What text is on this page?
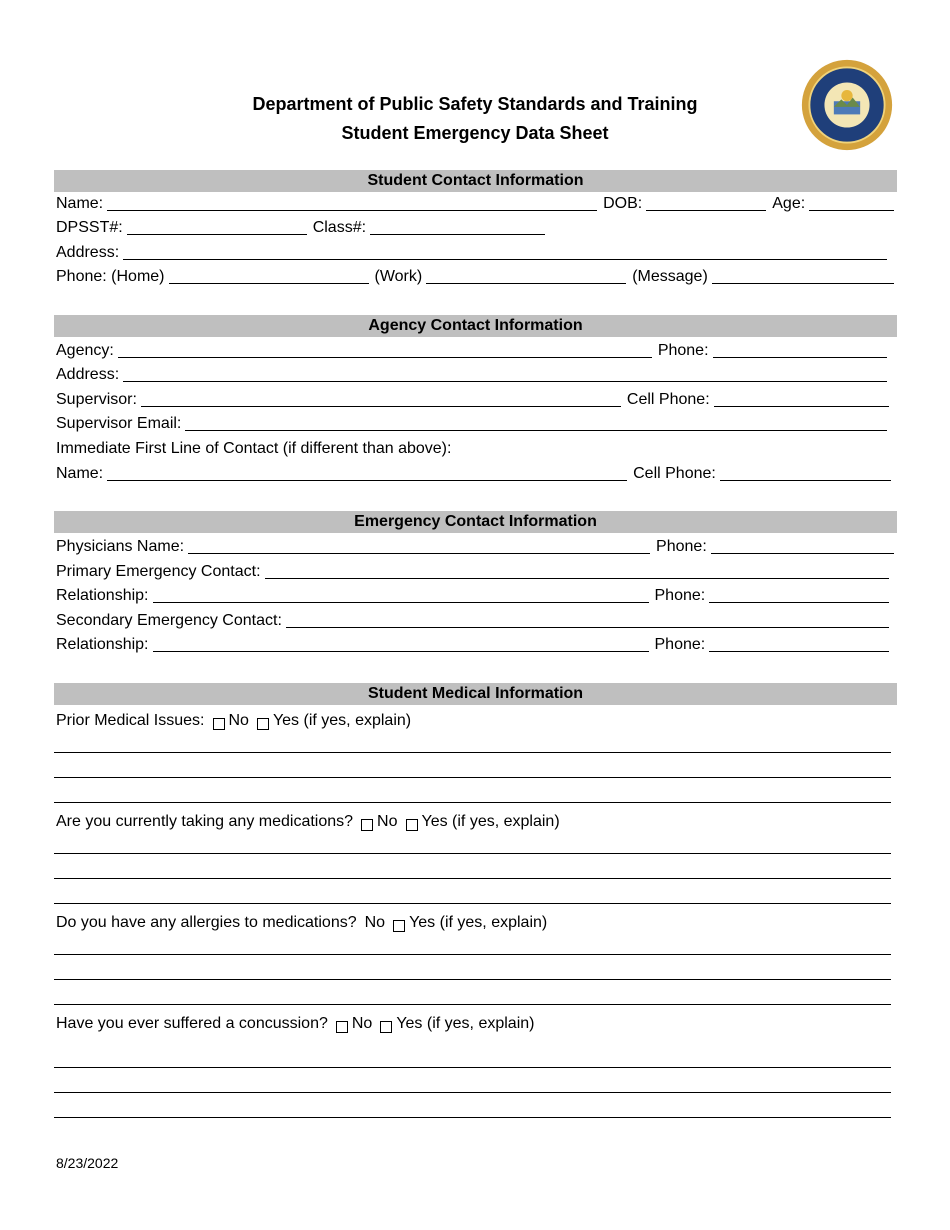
Department of Public Safety Standards and Training
Student Emergency Data Sheet
Student Contact Information
Name:	DOB:	Age:
DPSST#:	Class#:
Address:
Phone: (Home)	(Work)	(Message)
Agency Contact Information
Agency:	Phone:
Address:
Supervisor:	Cell Phone:
Supervisor Email:
Immediate First Line of Contact (if different than above):
Name:	Cell Phone:
Emergency Contact Information
Physicians Name:	Phone:
Primary Emergency Contact:
Relationship:	Phone:
Secondary Emergency Contact:
Relationship:	Phone:
Student Medical Information
Prior Medical Issues: No Yes (if yes, explain)
Are you currently taking any medications? No Yes (if yes, explain)
Do you have any allergies to medications? No Yes (if yes, explain)
Have you ever suffered a concussion? No Yes (if yes, explain)
8/23/2022
